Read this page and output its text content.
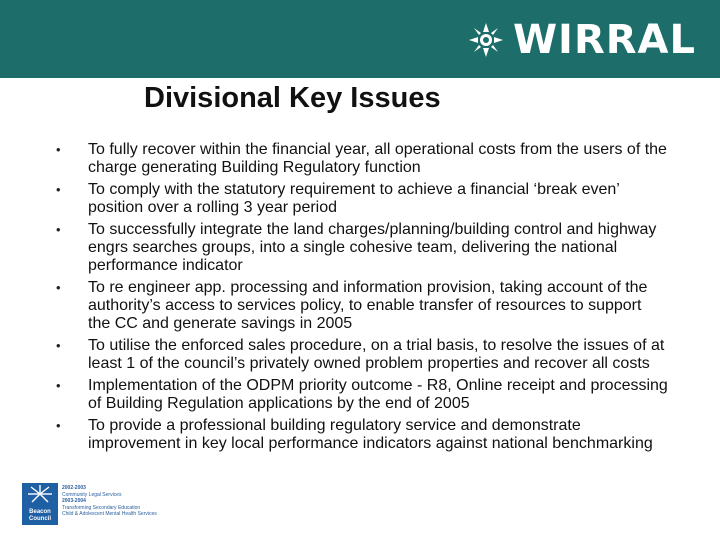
WIRRAL
Divisional Key Issues
•	To fully recover within the financial year, all operational costs from the users of the charge generating Building Regulatory function
•	To comply with the statutory requirement to achieve a financial ‘break even’ position over a rolling 3 year period
•	To successfully integrate the land charges/planning/building control and highway engrs searches groups, into a single cohesive team, delivering the national performance indicator
•	To re engineer app. processing and information provision, taking account of the authority’s access to services policy, to enable transfer of resources to support the CC and generate savings in 2005
•	To utilise the enforced sales procedure, on a trial basis, to resolve the issues of at least 1 of the council’s privately owned problem properties and recover all costs
•	Implementation of the ODPM priority outcome - R8, Online receipt and processing of Building Regulation applications by the end of 2005
•	To provide a professional building regulatory service and demonstrate improvement in key local performance indicators against national benchmarking
Beacon
Council
2002-2003
Community Legal Services
2003-2004
Transforming Secondary Education
Child & Adolescent Mental Health Services
